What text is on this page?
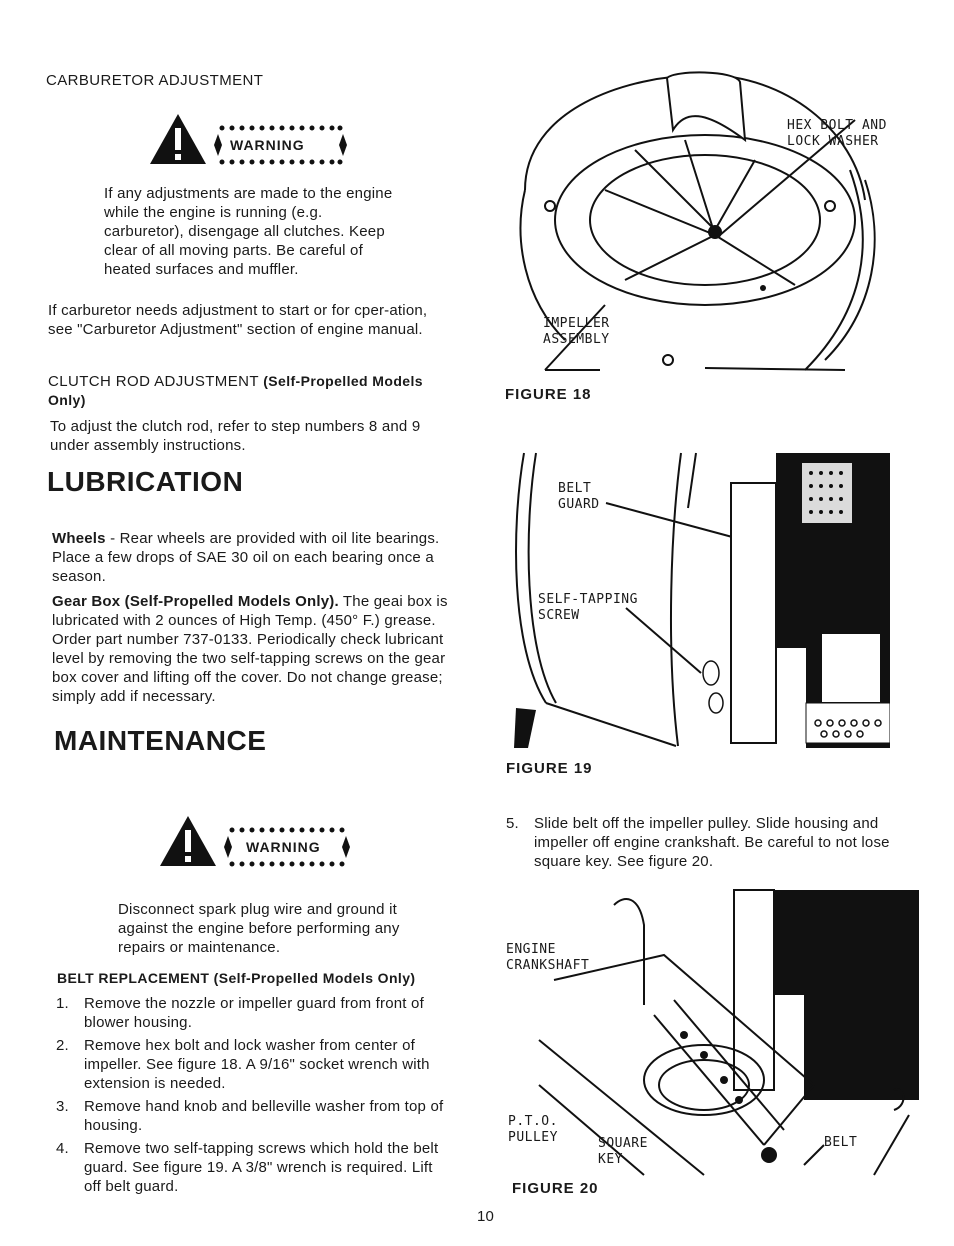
CARBURETOR ADJUSTMENT
WARNING
If any adjustments are made to the engine while the engine is running (e.g. carburetor), disengage all clutches. Keep clear of all moving parts. Be careful of heated surfaces and muffler.
If carburetor needs adjustment to start or for cper-ation, see "Carburetor Adjustment" section of engine manual.
CLUTCH ROD ADJUSTMENT (Self-Propelled Models Only)
To adjust the clutch rod, refer to step numbers 8 and 9 under assembly instructions.
LUBRICATION
Wheels - Rear wheels are provided with oil lite bearings. Place a few drops of SAE 30 oil on each bearing once a season.
Gear Box (Self-Propelled Models Only). The geai box is lubricated with 2 ounces of High Temp. (450° F.) grease. Order part number 737-0133. Periodically check lubricant level by removing the two self-tapping screws on the gear box cover and lifting off the cover. Do not change grease; simply add if necessary.
MAINTENANCE
WARNING
Disconnect spark plug wire and ground it against the engine before performing any repairs or maintenance.
BELT REPLACEMENT (Self-Propelled Models Only)
1.	Remove the nozzle or impeller guard from front of blower housing.
2.	Remove hex bolt and lock washer from center of impeller. See figure 18. A 9/16" socket wrench with extension is needed.
3.	Remove hand knob and belleville washer from top of housing.
4.	Remove two self-tapping screws which hold the belt guard. See figure 19. A 3/8" wrench is required. Lift off belt guard.
HEX BOLT AND
LOCK WASHER
IMPELLER
ASSEMBLY
FIGURE 18
BELT
GUARD
SELF-TAPPING
SCREW
FIGURE 19
5.	Slide belt off the impeller pulley. Slide housing and impeller off engine crankshaft. Be careful to not lose square key. See figure 20.
ENGINE
CRANKSHAFT
P.T.O.
PULLEY	SQUARE
KEY
BELT
FIGURE 20
10
